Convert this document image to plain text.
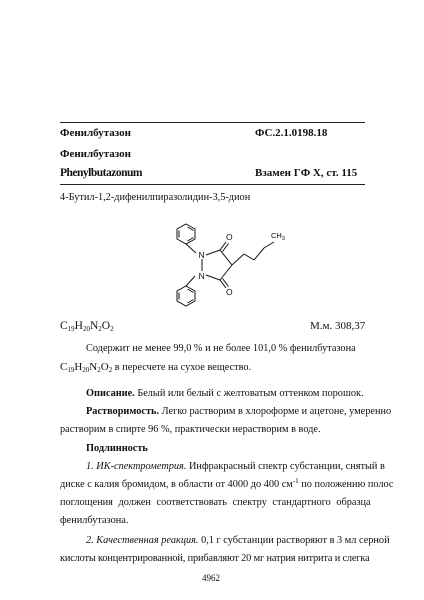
Фенилбутазон	ФС.2.1.0198.18
Фенилбутазон
Phenylbutazonum	Взамен ГФ X, ст. 115
4-Бутил-1,2-дифенилпиразолидин-3,5-дион
N
N
O
O
$CH_3$
$C_{19}H_{20}N_2O_2$	М.м. 308,37
Содержит не менее 99,0 % и не более 101,0 % фенилбутазона
$C_{19}H_{20}N_2O_2$ в пересчете на сухое вещество.
Описание. Белый или белый с желтоватым оттенком порошок.
Растворимость. Легко растворим в хлороформе и ацетоне, умеренно
растворим в спирте 96 %, практически нерастворим в воде.
Подлинность
1. ИК-спектрометрия. Инфракрасный спектр субстанции, снятый в
диске с калия бромидом, в области от 4000 до 400 $см^{-1}$ по положению полос
поглощения должен соответствовать спектру стандартного образца
фенилбутазона.
2. Качественная реакция. 0,1 г субстанции растворяют в 3 мл серной
кислоты концентрированной, прибавляют 20 мг натрия нитрита и слегка
4962
